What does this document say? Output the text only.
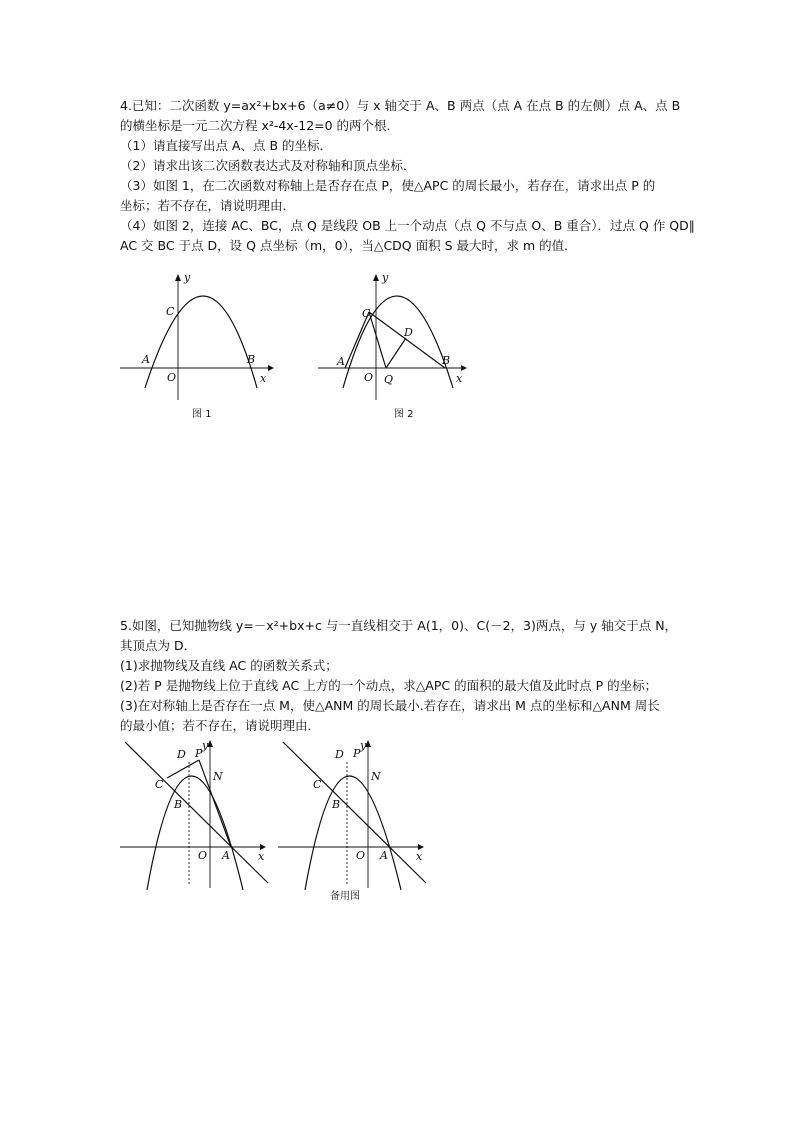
4.已知：二次函数 y=ax²+bx+6（a≠0）与 x 轴交于 A、B 两点（点 A 在点 B 的左侧）点 A、点 B

的横坐标是一元二次方程 x²-4x-12=0 的两个根．

（1）请直接写出点 A、点 B 的坐标．

（2）请求出该二次函数表达式及对称轴和顶点坐标．

（3）如图 1，在二次函数对称轴上是否存在点 P，使△APC 的周长最小，若存在，请求出点 P 的

坐标；若不存在，请说明理由．

（4）如图 2，连接 AC、BC，点 Q 是线段 OB 上一个动点（点 Q 不与点 O、B 重合）．过点 Q 作 QD∥

AC 交 BC 于点 D，设 Q 点坐标（m，0），当△CDQ 面积 S 最大时，求 m 的值．

y
C
A
O
B
x
图 1
y
C
D
A
O Q
B
x
图 2

5.如图，已知抛物线 y=－x²+bx+c 与一直线相交于 A(1，0)、C(－2，3)两点，与 y 轴交于点 N，

其顶点为 D．

(1)求抛物线及直线 AC 的函数关系式；

(2)若 P 是抛物线上位于直线 AC 上方的一个动点，求△APC 的面积的最大值及此时点 P 的坐标；

(3)在对称轴上是否存在一点 M，使△ANM 的周长最小.若存在，请求出 M 点的坐标和△ANM 周长

的最小值；若不存在，请说明理由．

D P
y
N
C
B
O A	x
D P
y
N
C
B
O A	x
备用图
